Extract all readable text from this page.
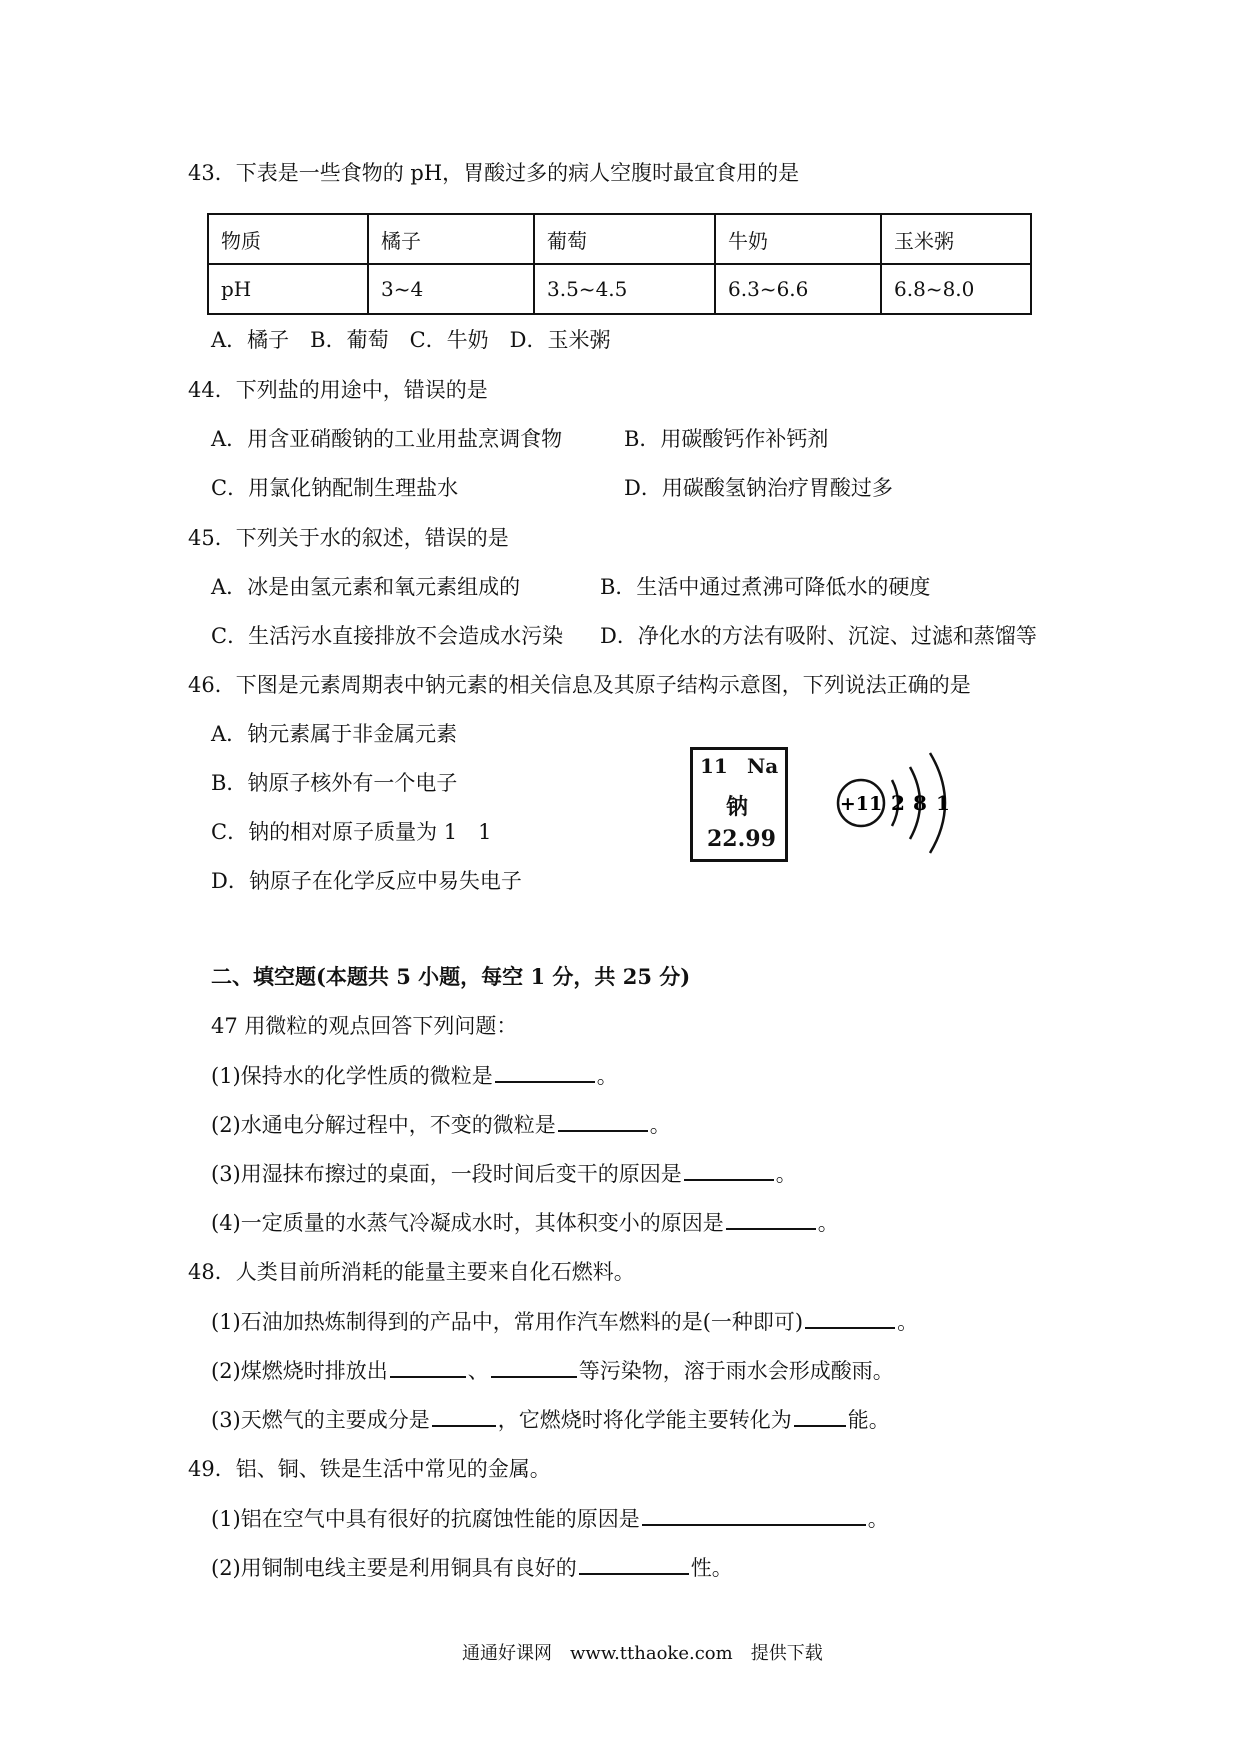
43．下表是一些食物的 pH，胃酸过多的病人空腹时最宜食用的是
物质	橘子	葡萄	牛奶	玉米粥
pH	3~4	3.5~4.5	6.3~6.6	6.8~8.0
A．橘子　B．葡萄　C．牛奶　D．玉米粥
44．下列盐的用途中，错误的是
A．用含亚硝酸钠的工业用盐烹调食物	B．用碳酸钙作补钙剂
C．用氯化钠配制生理盐水	D．用碳酸氢钠治疗胃酸过多
45．下列关于水的叙述，错误的是
A．冰是由氢元素和氧元素组成的	B．生活中通过煮沸可降低水的硬度
C．生活污水直接排放不会造成水污染 D．净化水的方法有吸附、沉淀、过滤和蒸馏等
46．下图是元素周期表中钠元素的相关信息及其原子结构示意图，下列说法正确的是
A．钠元素属于非金属元素
B．钠原子核外有一个电子
C．钠的相对原子质量为 1　1
D．钠原子在化学反应中易失电子
11 Na
钠
22.99
+11 2 8 1
二、填空题(本题共 5 小题，每空 1 分，共 25 分)
47 用微粒的观点回答下列问题：
(1)保持水的化学性质的微粒是	。
(2)水通电分解过程中，不变的微粒是	。
(3)用湿抹布擦过的桌面，一段时间后变干的原因是	。
(4)一定质量的水蒸气冷凝成水时，其体积变小的原因是	。
48．人类目前所消耗的能量主要来自化石燃料。
(1)石油加热炼制得到的产品中，常用作汽车燃料的是(一种即可)	。
(2)煤燃烧时排放出	、	等污染物，溶于雨水会形成酸雨。
(3)天燃气的主要成分是	，它燃烧时将化学能主要转化为	能。
49．铝、铜、铁是生活中常见的金属。
(1)铝在空气中具有很好的抗腐蚀性能的原因是	。
(2)用铜制电线主要是利用铜具有良好的	性。
通通好课网　www.tthaoke.com　提供下载
